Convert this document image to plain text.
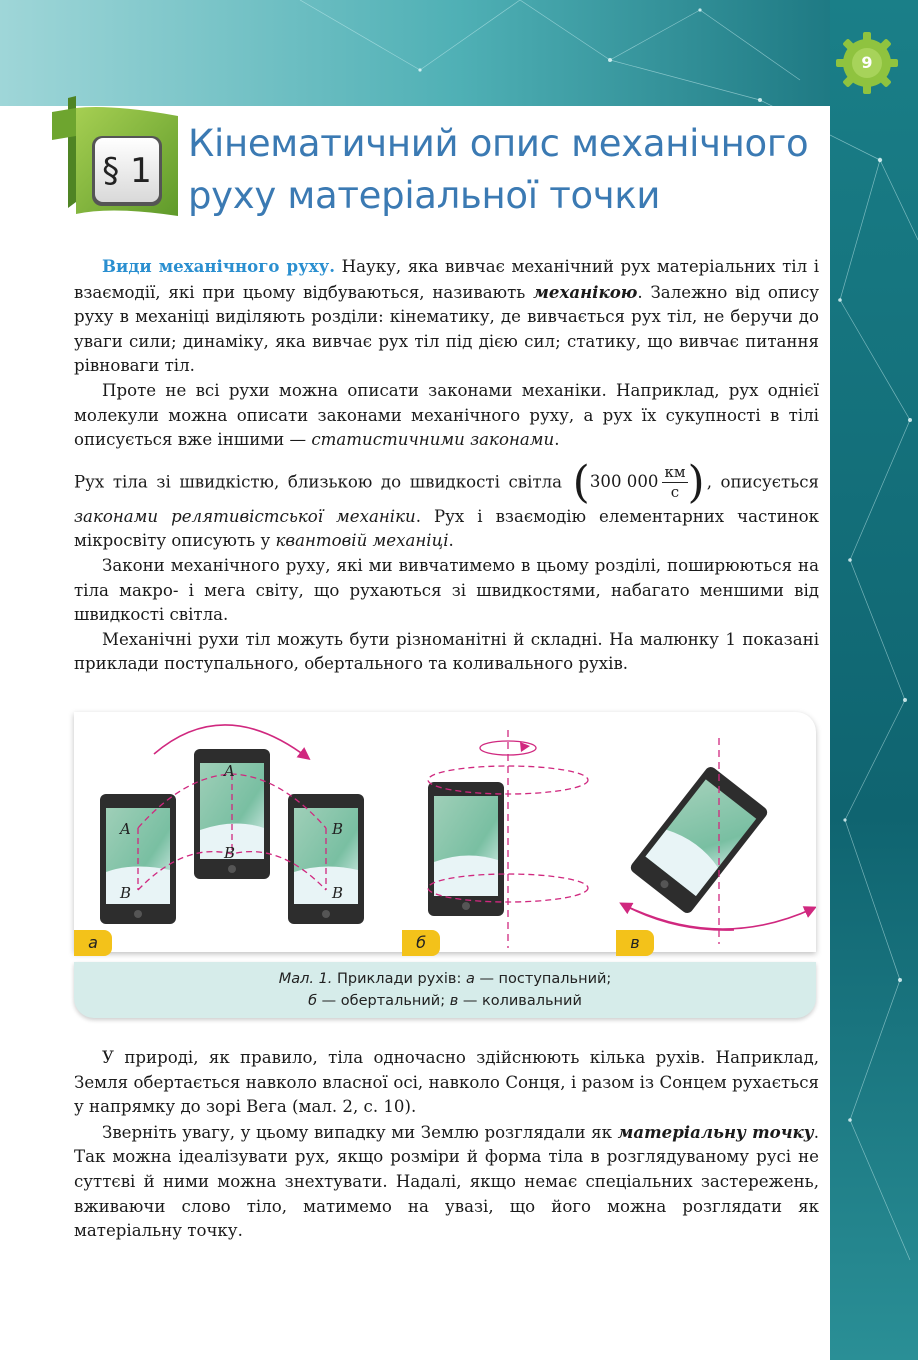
9
§ 1
Кінематичний опис механічного руху матеріальної точки

Види механічного руху. Науку, яка вивчає механічний рух матеріальних тіл і взаємодії, які при цьому відбуваються, називають механікою. Залежно від опису руху в механіці виділяють розділи: кінематику, де вивчається рух тіл, не беручи до уваги сили; динаміку, яка вивчає рух тіл під дією сил; статику, що вивчає питання рівноваги тіл.

Проте не всі рухи можна описати законами механіки. Наприклад, рух однієї молекули можна описати законами механічного руху, а рух їх сукупності в тілі описується вже іншими — статистичними законами.

Рух тіла зі швидкістю, близькою до швидкості світла ( 300 000
км
с ) , описується законами релятивістської механіки. Рух і взаємодію елементарних частинок мікросвіту описують у квантовій механіці.

Закони механічного руху, які ми вивчатимемо в цьому розділі, поширюються на тіла макро- і мега світу, що рухаються зі швидкостями, набагато меншими від швидкості світла.

Механічні рухи тіл можуть бути різноманітні й складні. На малюнку 1 показані приклади поступального, обертального та коливального рухів.

A
B
A
B
B
B
а	б	в
Мал. 1. Приклади рухів: а — поступальний;
б — обертальний; в — коливальний

У природі, як правило, тіла одночасно здійснюють кілька рухів. Наприклад, Земля обертається навколо власної осі, навколо Сонця, і разом із Сонцем рухається у напрямку до зорі Вега (мал. 2, с. 10).

Зверніть увагу, у цьому випадку ми Землю розглядали як матеріальну точку. Так можна ідеалізувати рух, якщо розміри й форма тіла в розглядуваному русі не суттєві й ними можна знехтувати. Надалі, якщо немає спеціальних застережень, вживаючи слово тіло, матимемо на увазі, що його можна розглядати як матеріальну точку.
